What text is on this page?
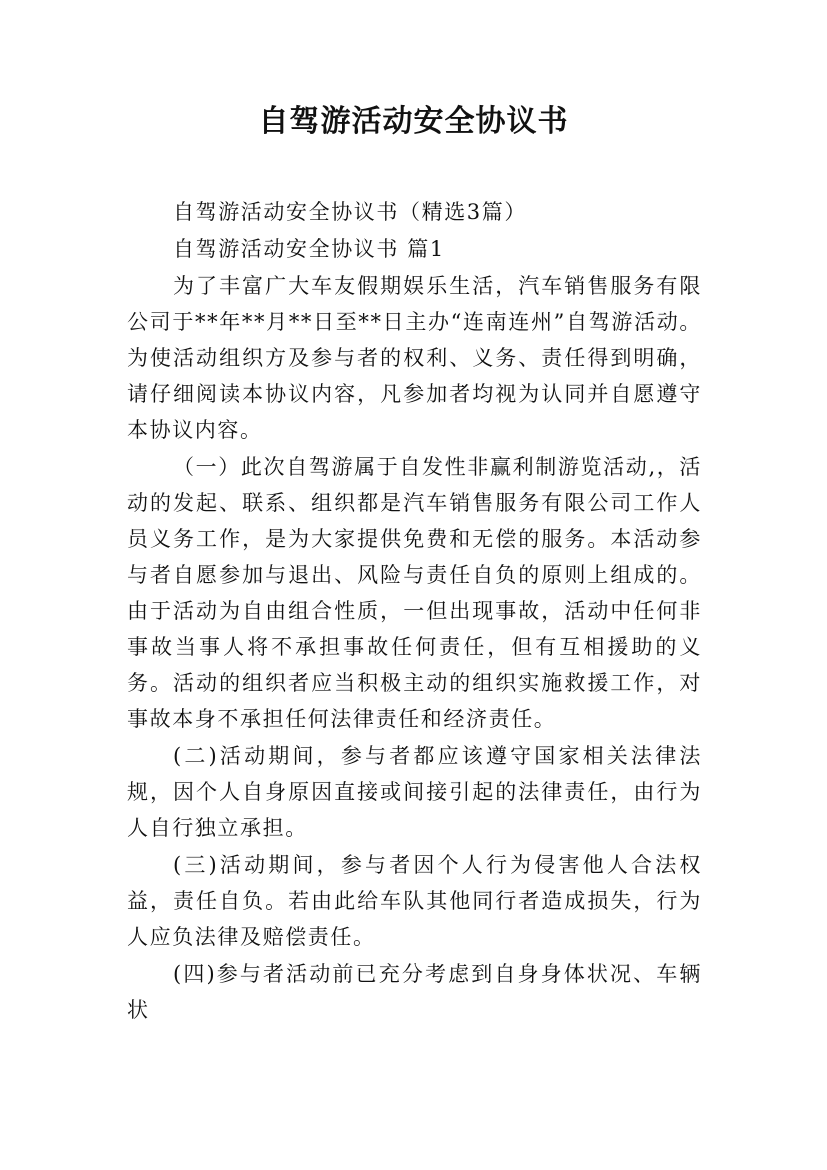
自驾游活动安全协议书

自驾游活动安全协议书（精选3篇）

自驾游活动安全协议书 篇1

为了丰富广大车友假期娱乐生活，汽车销售服务有限公司于**年**月**日至**日主办“连南连州”自驾游活动。为使活动组织方及参与者的权利、义务、责任得到明确，请仔细阅读本协议内容，凡参加者均视为认同并自愿遵守本协议内容。

（一）此次自驾游属于自发性非赢利制游览活动,，活动的发起、联系、组织都是汽车销售服务有限公司工作人员义务工作，是为大家提供免费和无偿的服务。本活动参与者自愿参加与退出、风险与责任自负的原则上组成的。由于活动为自由组合性质，一但出现事故，活动中任何非事故当事人将不承担事故任何责任，但有互相援助的义务。活动的组织者应当积极主动的组织实施救援工作，对事故本身不承担任何法律责任和经济责任。

(二)活动期间，参与者都应该遵守国家相关法律法规，因个人自身原因直接或间接引起的法律责任，由行为人自行独立承担。

(三)活动期间，参与者因个人行为侵害他人合法权益，责任自负。若由此给车队其他同行者造成损失，行为人应负法律及赔偿责任。

(四)参与者活动前已充分考虑到自身身体状况、车辆状
